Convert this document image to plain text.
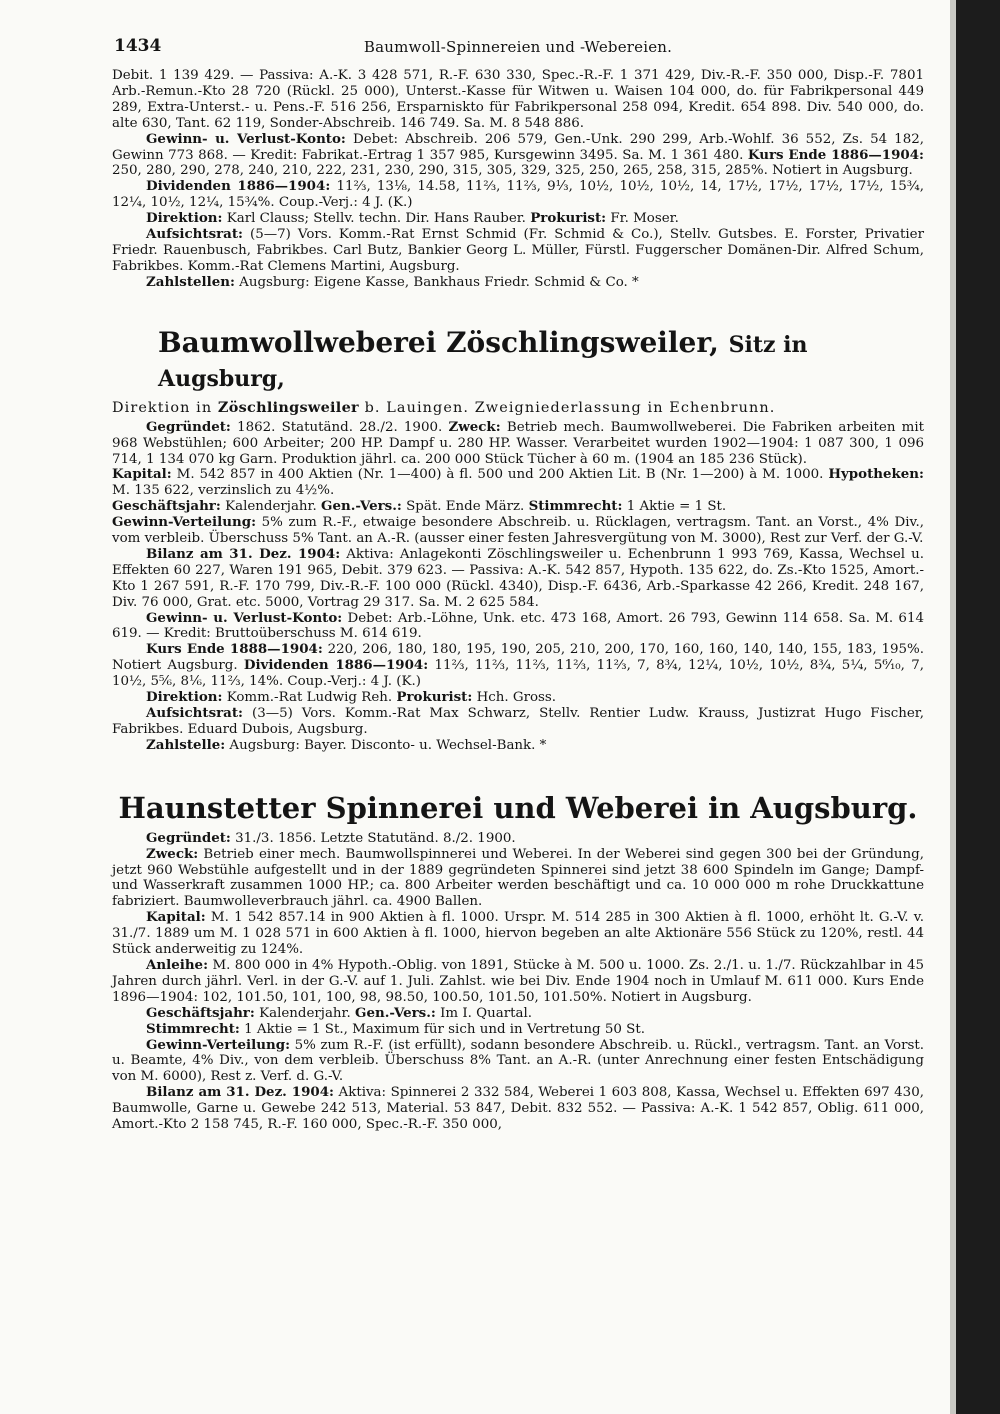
1434	Baumwoll-Spinnereien und -Webereien.

Debit. 1 139 429. — Passiva: A.-K. 3 428 571, R.-F. 630 330, Spec.-R.-F. 1 371 429, Div.-R.-F. 350 000, Disp.-F. 7801 Arb.-Remun.-Kto 28 720 (Rückl. 25 000), Unterst.-Kasse für Witwen u. Waisen 104 000, do. für Fabrikpersonal 449 289, Extra-Unterst.- u. Pens.-F. 516 256, Ersparniskto für Fabrikpersonal 258 094, Kredit. 654 898. Div. 540 000, do. alte 630, Tant. 62 119, Sonder-Abschreib. 146 749. Sa. M. 8 548 886.

Gewinn- u. Verlust-Konto: Debet: Abschreib. 206 579, Gen.-Unk. 290 299, Arb.-Wohlf. 36 552, Zs. 54 182, Gewinn 773 868. — Kredit: Fabrikat.-Ertrag 1 357 985, Kursgewinn 3495. Sa. M. 1 361 480. Kurs Ende 1886—1904: 250, 280, 290, 278, 240, 210, 222, 231, 230, 290, 315, 305, 329, 325, 250, 265, 258, 315, 285%. Notiert in Augsburg.

Dividenden 1886—1904: 11⅔, 13⅛, 14.58, 11⅔, 11⅔, 9⅓, 10½, 10½, 10½, 14, 17½, 17½, 17½, 17½, 15¾, 12¼, 10½, 12¼, 15¾%. Coup.-Verj.: 4 J. (K.)

Direktion: Karl Clauss; Stellv. techn. Dir. Hans Rauber. Prokurist: Fr. Moser.

Aufsichtsrat: (5—7) Vors. Komm.-Rat Ernst Schmid (Fr. Schmid & Co.), Stellv. Gutsbes. E. Forster, Privatier Friedr. Rauenbusch, Fabrikbes. Carl Butz, Bankier Georg L. Müller, Fürstl. Fuggerscher Domänen-Dir. Alfred Schum, Fabrikbes. Komm.-Rat Clemens Martini, Augsburg.

Zahlstellen: Augsburg: Eigene Kasse, Bankhaus Friedr. Schmid & Co. *

Baumwollweberei Zöschlingsweiler, Sitz in Augsburg,
Direktion in Zöschlingsweiler b. Lauingen. Zweigniederlassung in Echenbrunn.

Gegründet: 1862. Statutänd. 28./2. 1900. Zweck: Betrieb mech. Baumwollweberei. Die Fabriken arbeiten mit 968 Webstühlen; 600 Arbeiter; 200 HP. Dampf u. 280 HP. Wasser. Verarbeitet wurden 1902—1904: 1 087 300, 1 096 714, 1 134 070 kg Garn. Produktion jährl. ca. 200 000 Stück Tücher à 60 m. (1904 an 185 236 Stück).

Kapital: M. 542 857 in 400 Aktien (Nr. 1—400) à fl. 500 und 200 Aktien Lit. B (Nr. 1—200) à M. 1000. Hypotheken: M. 135 622, verzinslich zu 4½%.

Geschäftsjahr: Kalenderjahr. Gen.-Vers.: Spät. Ende März. Stimmrecht: 1 Aktie = 1 St.

Gewinn-Verteilung: 5% zum R.-F., etwaige besondere Abschreib. u. Rücklagen, vertragsm. Tant. an Vorst., 4% Div., vom verbleib. Überschuss 5% Tant. an A.-R. (ausser einer festen Jahresvergütung von M. 3000), Rest zur Verf. der G.-V.

Bilanz am 31. Dez. 1904: Aktiva: Anlagekonti Zöschlingsweiler u. Echenbrunn 1 993 769, Kassa, Wechsel u. Effekten 60 227, Waren 191 965, Debit. 379 623. — Passiva: A.-K. 542 857, Hypoth. 135 622, do. Zs.-Kto 1525, Amort.-Kto 1 267 591, R.-F. 170 799, Div.-R.-F. 100 000 (Rückl. 4340), Disp.-F. 6436, Arb.-Sparkasse 42 266, Kredit. 248 167, Div. 76 000, Grat. etc. 5000, Vortrag 29 317. Sa. M. 2 625 584.

Gewinn- u. Verlust-Konto: Debet: Arb.-Löhne, Unk. etc. 473 168, Amort. 26 793, Gewinn 114 658. Sa. M. 614 619. — Kredit: Bruttoüberschuss M. 614 619.

Kurs Ende 1888—1904: 220, 206, 180, 180, 195, 190, 205, 210, 200, 170, 160, 160, 140, 140, 155, 183, 195%. Notiert Augsburg. Dividenden 1886—1904: 11⅔, 11⅔, 11⅔, 11⅔, 11⅔, 7, 8¾, 12¼, 10½, 10½, 8¾, 5¼, 5⁶⁄₁₀, 7, 10½, 5⅚, 8⅙, 11⅔, 14%. Coup.-Verj.: 4 J. (K.)

Direktion: Komm.-Rat Ludwig Reh. Prokurist: Hch. Gross.

Aufsichtsrat: (3—5) Vors. Komm.-Rat Max Schwarz, Stellv. Rentier Ludw. Krauss, Justizrat Hugo Fischer, Fabrikbes. Eduard Dubois, Augsburg.

Zahlstelle: Augsburg: Bayer. Disconto- u. Wechsel-Bank. *

Haunstetter Spinnerei und Weberei in Augsburg.

Gegründet: 31./3. 1856. Letzte Statutänd. 8./2. 1900.

Zweck: Betrieb einer mech. Baumwollspinnerei und Weberei. In der Weberei sind gegen 300 bei der Gründung, jetzt 960 Webstühle aufgestellt und in der 1889 gegründeten Spinnerei sind jetzt 38 600 Spindeln im Gange; Dampf- und Wasserkraft zusammen 1000 HP.; ca. 800 Arbeiter werden beschäftigt und ca. 10 000 000 m rohe Druckkattune fabriziert. Baumwolleverbrauch jährl. ca. 4900 Ballen.

Kapital: M. 1 542 857.14 in 900 Aktien à fl. 1000. Urspr. M. 514 285 in 300 Aktien à fl. 1000, erhöht lt. G.-V. v. 31./7. 1889 um M. 1 028 571 in 600 Aktien à fl. 1000, hiervon begeben an alte Aktionäre 556 Stück zu 120%, restl. 44 Stück anderweitig zu 124%.

Anleihe: M. 800 000 in 4% Hypoth.-Oblig. von 1891, Stücke à M. 500 u. 1000. Zs. 2./1. u. 1./7. Rückzahlbar in 45 Jahren durch jährl. Verl. in der G.-V. auf 1. Juli. Zahlst. wie bei Div. Ende 1904 noch in Umlauf M. 611 000. Kurs Ende 1896—1904: 102, 101.50, 101, 100, 98, 98.50, 100.50, 101.50, 101.50%. Notiert in Augsburg.

Geschäftsjahr: Kalenderjahr. Gen.-Vers.: Im I. Quartal.

Stimmrecht: 1 Aktie = 1 St., Maximum für sich und in Vertretung 50 St.

Gewinn-Verteilung: 5% zum R.-F. (ist erfüllt), sodann besondere Abschreib. u. Rückl., vertragsm. Tant. an Vorst. u. Beamte, 4% Div., von dem verbleib. Überschuss 8% Tant. an A.-R. (unter Anrechnung einer festen Entschädigung von M. 6000), Rest z. Verf. d. G.-V.

Bilanz am 31. Dez. 1904: Aktiva: Spinnerei 2 332 584, Weberei 1 603 808, Kassa, Wechsel u. Effekten 697 430, Baumwolle, Garne u. Gewebe 242 513, Material. 53 847, Debit. 832 552. — Passiva: A.-K. 1 542 857, Oblig. 611 000, Amort.-Kto 2 158 745, R.-F. 160 000, Spec.-R.-F. 350 000,
